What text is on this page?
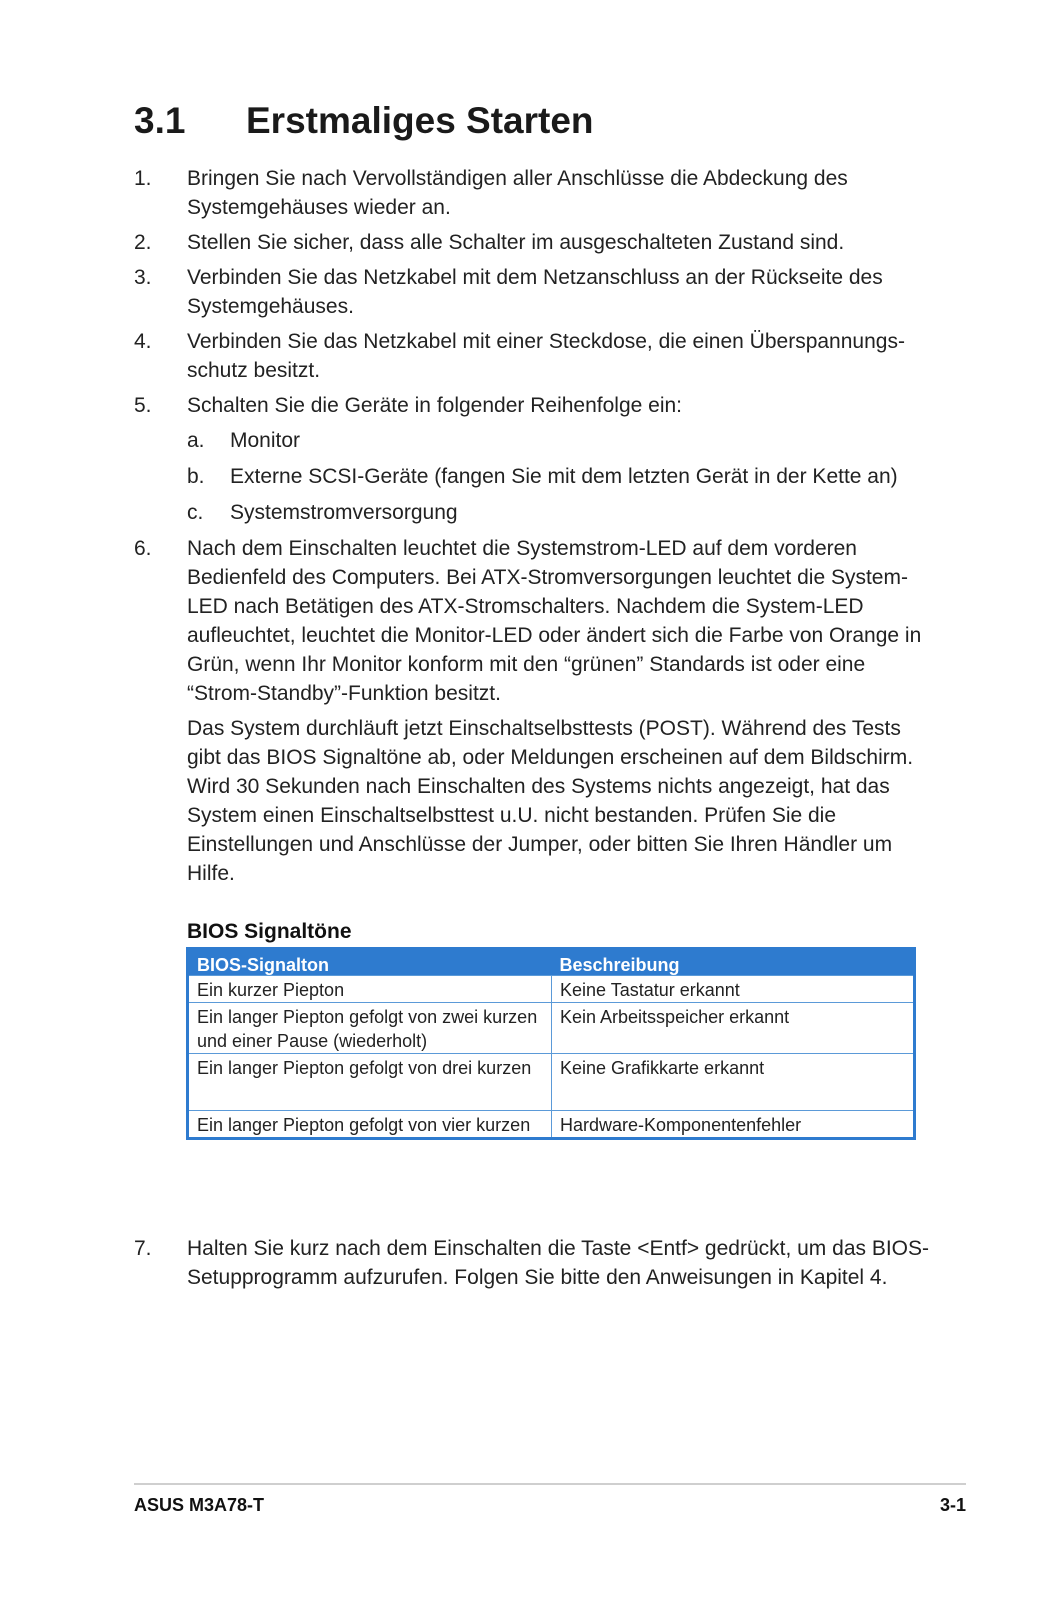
3.1 Erstmaliges Starten
1. Bringen Sie nach Vervollständigen aller Anschlüsse die Abdeckung des Systemgehäuses wieder an.

2. Stellen Sie sicher, dass alle Schalter im ausgeschalteten Zustand sind.

3. Verbinden Sie das Netzkabel mit dem Netzanschluss an der Rückseite des Systemgehäuses.

4. Verbinden Sie das Netzkabel mit einer Steckdose, die einen Überspannungs-schutz besitzt.

5. Schalten Sie die Geräte in folgender Reihenfolge ein:

a. Monitor
b. Externe SCSI-Geräte (fangen Sie mit dem letzten Gerät in der Kette an)
c. Systemstromversorgung
6. Nach dem Einschalten leuchtet die Systemstrom-LED auf dem vorderen Bedienfeld des Computers. Bei ATX-Stromversorgungen leuchtet die System-LED nach Betätigen des ATX-Stromschalters. Nachdem die System-LED aufleuchtet, leuchtet die Monitor-LED oder ändert sich die Farbe von Orange in Grün, wenn Ihr Monitor konform mit den “grünen” Standards ist oder eine “Strom-Standby”-Funktion besitzt.

Das System durchläuft jetzt Einschaltselbsttests (POST). Während des Tests gibt das BIOS Signaltöne ab, oder Meldungen erscheinen auf dem Bildschirm. Wird 30 Sekunden nach Einschalten des Systems nichts angezeigt, hat das System einen Einschaltselbsttest u.U. nicht bestanden. Prüfen Sie die Einstellungen und Anschlüsse der Jumper, oder bitten Sie Ihren Händler um Hilfe.

BIOS Signaltöne
BIOS-Signalton	Beschreibung
Ein kurzer Piepton	Keine Tastatur erkannt
Ein langer Piepton gefolgt von zwei kurzen und einer Pause (wiederholt)	Kein Arbeitsspeicher erkannt
Ein langer Piepton gefolgt von drei kurzen	Keine Grafikkarte erkannt
Ein langer Piepton gefolgt von vier kurzen	Hardware-Komponentenfehler
7. Halten Sie kurz nach dem Einschalten die Taste <Entf> gedrückt, um das BIOS-Setupprogramm aufzurufen. Folgen Sie bitte den Anweisungen in Kapitel 4.

ASUS M3A78-T	3-1
